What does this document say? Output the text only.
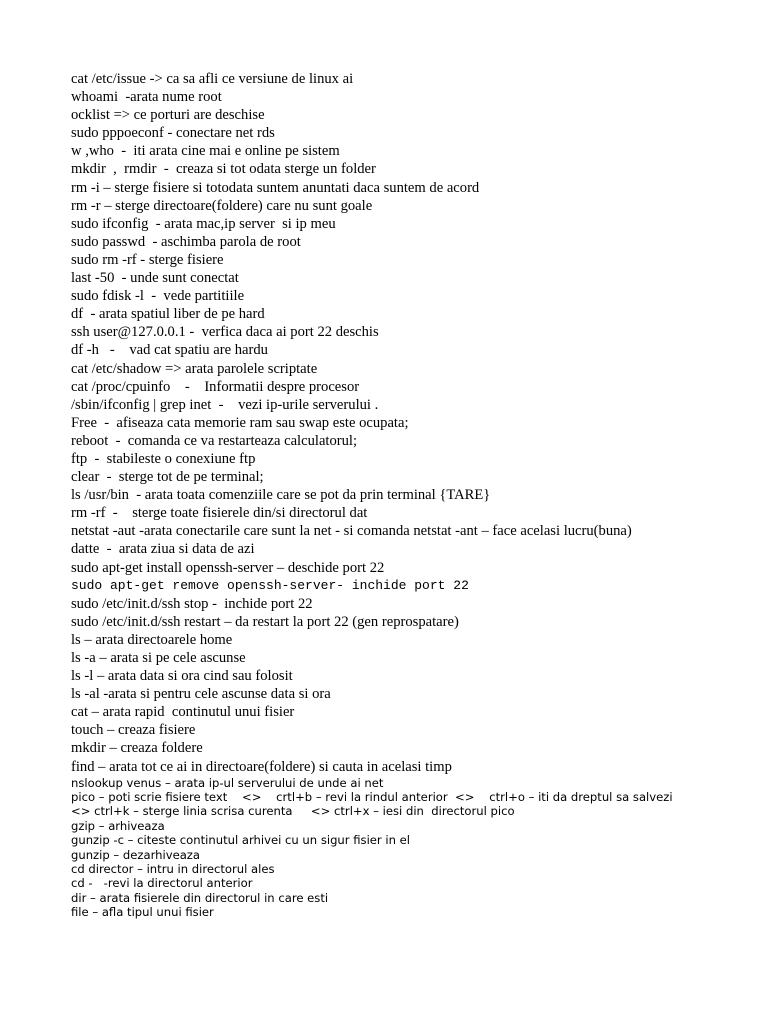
cat /etc/issue -> ca sa afli ce versiune de linux ai
whoami  -arata nume root
ocklist => ce porturi are deschise
sudo pppoeconf - conectare net rds
w ,who  -  iti arata cine mai e online pe sistem
mkdir  ,  rmdir  -  creaza si tot odata sterge un folder
rm -i – sterge fisiere si totodata suntem anuntati daca suntem de acord
rm -r – sterge directoare(foldere) care nu sunt goale
sudo ifconfig  - arata mac,ip server  si ip meu
sudo passwd  - aschimba parola de root
sudo rm -rf - sterge fisiere
last -50  - unde sunt conectat
sudo fdisk -l  -  vede partitiile
df  - arata spatiul liber de pe hard
ssh user@127.0.0.1 -  verfica daca ai port 22 deschis
df -h   -    vad cat spatiu are hardu
cat /etc/shadow => arata parolele scriptate
cat /proc/cpuinfo    -    Informatii despre procesor
/sbin/ifconfig | grep inet  -    vezi ip-urile serverului .
Free  -  afiseaza cata memorie ram sau swap este ocupata;
reboot  -  comanda ce va restarteaza calculatorul;
ftp  -  stabileste o conexiune ftp
clear  -  sterge tot de pe terminal;
ls /usr/bin  - arata toata comenziile care se pot da prin terminal {TARE}
rm -rf  -    sterge toate fisierele din/si directorul dat
netstat -aut -arata conectarile care sunt la net - si comanda netstat -ant – face acelasi lucru(buna)
datte  -  arata ziua si data de azi
sudo apt-get install openssh-server – deschide port 22
sudo apt-get remove openssh-server- inchide port 22
sudo /etc/init.d/ssh stop -  inchide port 22
sudo /etc/init.d/ssh restart – da restart la port 22 (gen reprospatare)
ls – arata directoarele home
ls -a – arata si pe cele ascunse
ls -l – arata data si ora cind sau folosit
ls -al -arata si pentru cele ascunse data si ora
cat – arata rapid  continutul unui fisier
touch – creaza fisiere
mkdir – creaza foldere
find – arata tot ce ai in directoare(foldere) si cauta in acelasi timp
nslookup venus – arata ip-ul serverului de unde ai net
pico – poti scrie fisiere text    <>    crtl+b – revi la rindul anterior  <>    ctrl+o – iti da dreptul sa salvezi
<> ctrl+k – sterge linia scrisa curenta     <> ctrl+x – iesi din  directorul pico
gzip – arhiveaza
gunzip -c – citeste continutul arhivei cu un sigur fisier in el
gunzip – dezarhiveaza
cd director – intru in directorul ales
cd -   -revi la directorul anterior
dir – arata fisierele din directorul in care esti
file – afla tipul unui fisier
